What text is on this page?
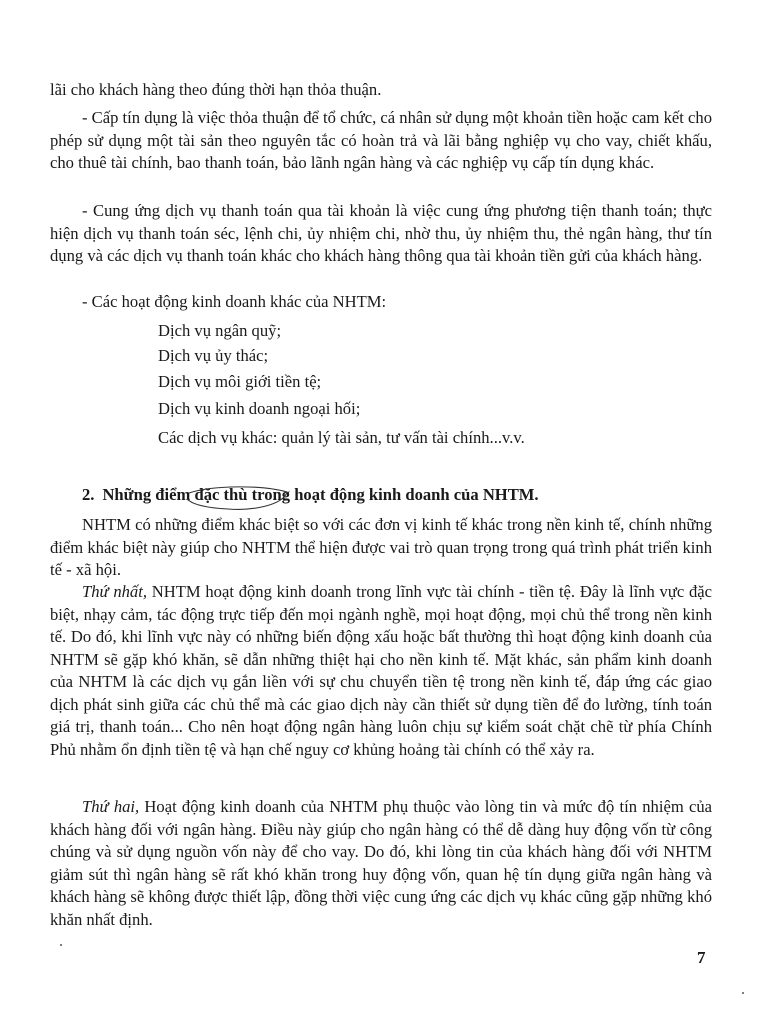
lãi cho khách hàng theo đúng thời hạn thỏa thuận.

- Cấp tín dụng là việc thỏa thuận để tổ chức, cá nhân sử dụng một khoản tiền hoặc cam kết cho phép sử dụng một tài sản theo nguyên tắc có hoàn trả và lãi bằng nghiệp vụ cho vay, chiết khấu, cho thuê tài chính, bao thanh toán, bảo lãnh ngân hàng và các nghiệp vụ cấp tín dụng khác.

- Cung ứng dịch vụ thanh toán qua tài khoản là việc cung ứng phương tiện thanh toán; thực hiện dịch vụ thanh toán séc, lệnh chi, ủy nhiệm chi, nhờ thu, ủy nhiệm thu, thẻ ngân hàng, thư tín dụng và các dịch vụ thanh toán khác cho khách hàng thông qua tài khoản tiền gửi của khách hàng.

- Các hoạt động kinh doanh khác của NHTM:

Dịch vụ ngân quỹ;

Dịch vụ ủy thác;

Dịch vụ môi giới tiền tệ;

Dịch vụ kinh doanh ngoại hối;

Các dịch vụ khác: quản lý tài sản, tư vấn tài chính...v.v.

2. Những điểm đặc thù trong hoạt động kinh doanh của NHTM.

NHTM có những điểm khác biệt so với các đơn vị kinh tế khác trong nền kinh tế, chính những điểm khác biệt này giúp cho NHTM thể hiện được vai trò quan trọng trong quá trình phát triển kinh tế - xã hội.

Thứ nhất, NHTM hoạt động kinh doanh trong lĩnh vực tài chính - tiền tệ. Đây là lĩnh vực đặc biệt, nhạy cảm, tác động trực tiếp đến mọi ngành nghề, mọi hoạt động, mọi chủ thể trong nền kinh tế. Do đó, khi lĩnh vực này có những biến động xấu hoặc bất thường thì hoạt động kinh doanh của NHTM sẽ gặp khó khăn, sẽ dẫn những thiệt hại cho nền kinh tế. Mặt khác, sản phẩm kinh doanh của NHTM là các dịch vụ gắn liền với sự chu chuyển tiền tệ trong nền kinh tế, đáp ứng các giao dịch phát sinh giữa các chủ thể mà các giao dịch này cần thiết sử dụng tiền để đo lường, tính toán giá trị, thanh toán... Cho nên hoạt động ngân hàng luôn chịu sự kiểm soát chặt chẽ từ phía Chính Phủ nhằm ổn định tiền tệ và hạn chế nguy cơ khủng hoảng tài chính có thể xảy ra.

Thứ hai, Hoạt động kinh doanh của NHTM phụ thuộc vào lòng tin và mức độ tín nhiệm của khách hàng đối với ngân hàng. Điều này giúp cho ngân hàng có thể dễ dàng huy động vốn từ công chúng và sử dụng nguồn vốn này để cho vay. Do đó, khi lòng tin của khách hàng đối với NHTM giảm sút thì ngân hàng sẽ rất khó khăn trong huy động vốn, quan hệ tín dụng giữa ngân hàng và khách hàng sẽ không được thiết lập, đồng thời việc cung ứng các dịch vụ khác cũng gặp những khó khăn nhất định.

7
